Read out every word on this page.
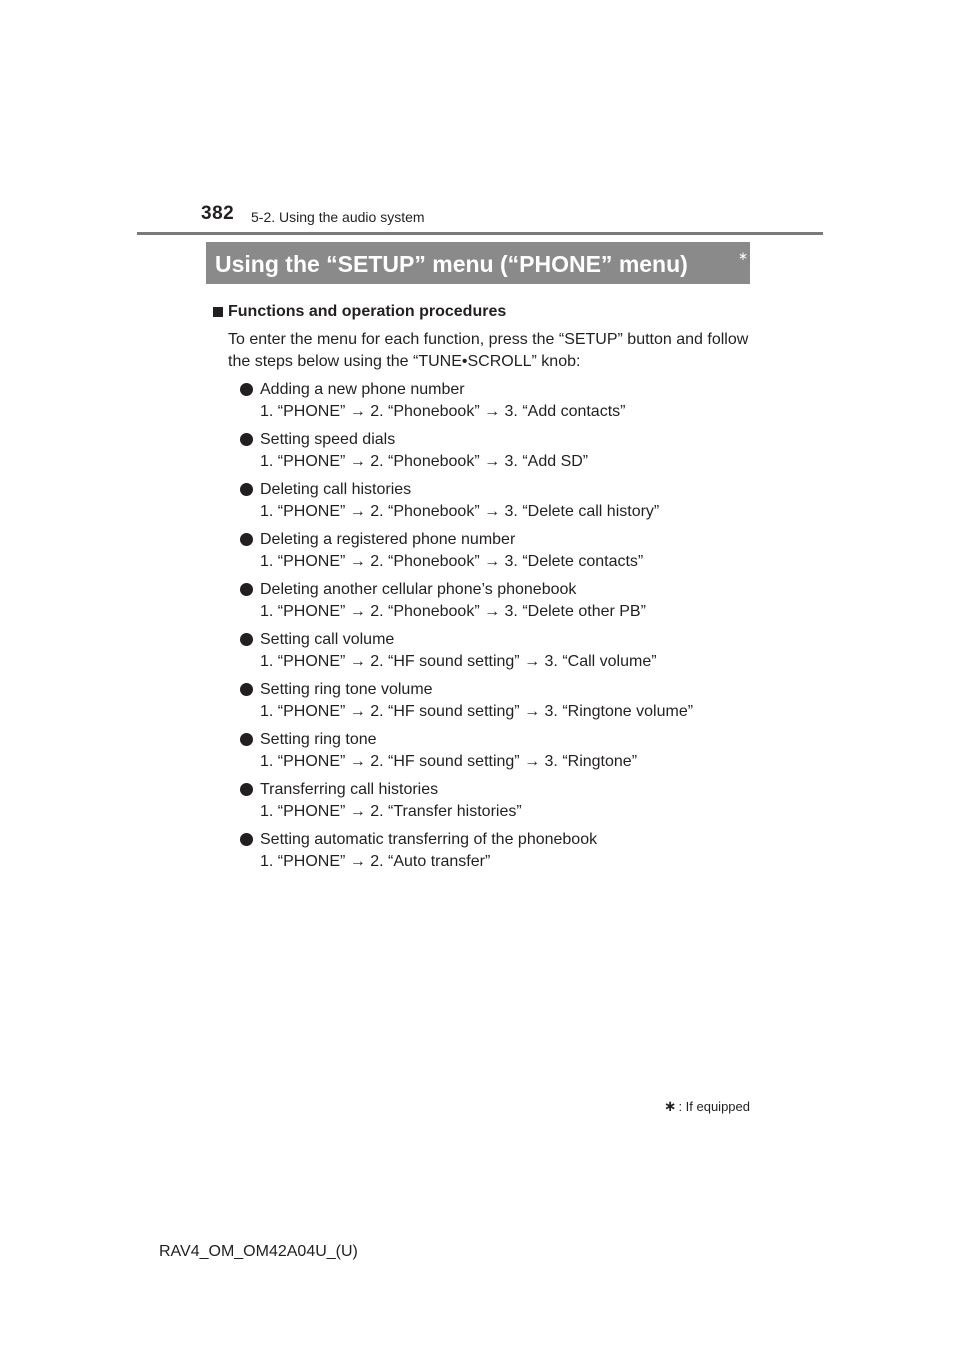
382 5-2. Using the audio system
Using the “SETUP” menu (“PHONE” menu)	∗
Functions and operation procedures
To enter the menu for each function, press the “SETUP” button and follow the steps below using the “TUNE•SCROLL” knob:
Adding a new phone number
1. “PHONE” → 2. “Phonebook” → 3. “Add contacts”
Setting speed dials
1. “PHONE” → 2. “Phonebook” → 3. “Add SD”
Deleting call histories
1. “PHONE” → 2. “Phonebook” → 3. “Delete call history”
Deleting a registered phone number
1. “PHONE” → 2. “Phonebook” → 3. “Delete contacts”
Deleting another cellular phone’s phonebook
1. “PHONE” → 2. “Phonebook” → 3. “Delete other PB”
Setting call volume
1. “PHONE” → 2. “HF sound setting” → 3. “Call volume”
Setting ring tone volume
1. “PHONE” → 2. “HF sound setting” → 3. “Ringtone volume”
Setting ring tone
1. “PHONE” → 2. “HF sound setting” → 3. “Ringtone”
Transferring call histories
1. “PHONE” → 2. “Transfer histories”
Setting automatic transferring of the phonebook
1. “PHONE” → 2. “Auto transfer”
∗ : If equipped
RAV4_OM_OM42A04U_(U)
